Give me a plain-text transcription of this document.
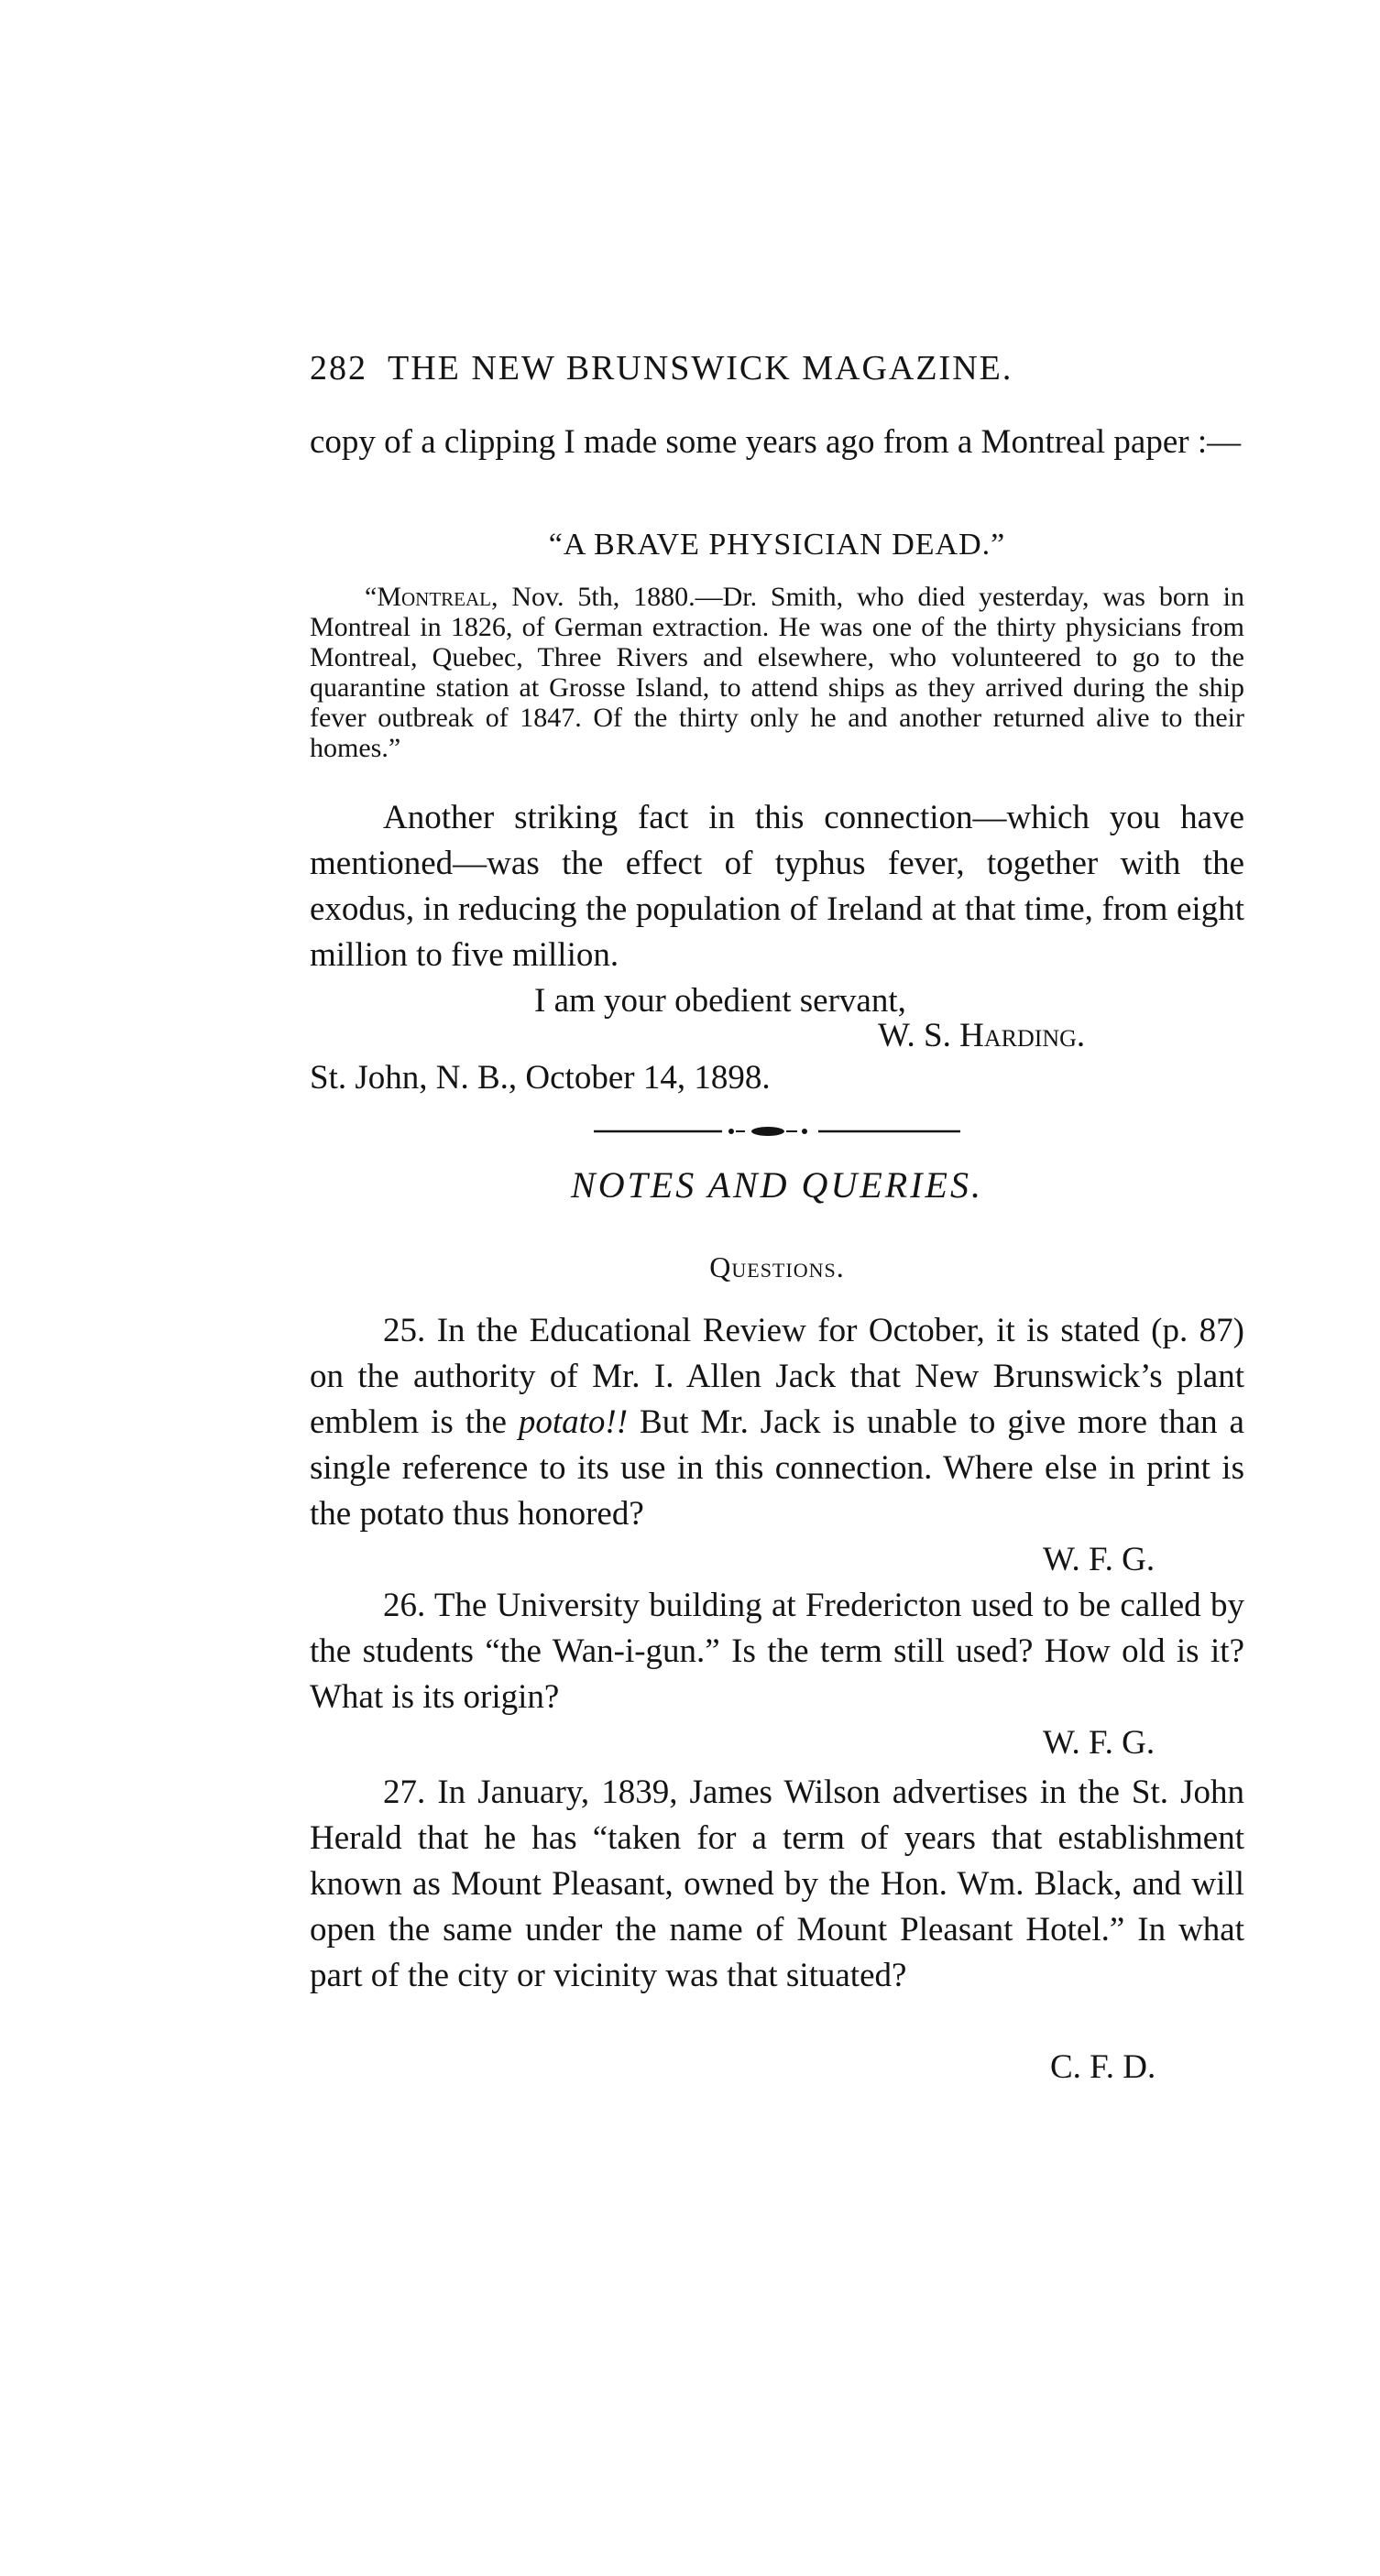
282 THE NEW BRUNSWICK MAGAZINE.

copy of a clipping I made some years ago from a Montreal paper :—

“A BRAVE PHYSICIAN DEAD.”

“Montreal, Nov. 5th, 1880.—Dr. Smith, who died yesterday, was born in Montreal in 1826, of German extraction. He was one of the thirty physicians from Montreal, Quebec, Three Rivers and elsewhere, who volunteered to go to the quarantine station at Grosse Island, to attend ships as they arrived during the ship fever outbreak of 1847. Of the thirty only he and another returned alive to their homes.”

Another striking fact in this connection—which you have mentioned—was the effect of typhus fever, together with the exodus, in reducing the population of Ireland at that time, from eight million to five million.

I am your obedient servant,
W. S. Harding.
St. John, N. B., October 14, 1898.

NOTES AND QUERIES.

Questions.

25. In the Educational Review for October, it is stated (p. 87) on the authority of Mr. I. Allen Jack that New Brunswick’s plant emblem is the potato!! But Mr. Jack is unable to give more than a single reference to its use in this connection. Where else in print is the potato thus honored?

W. F. G.

26. The University building at Fredericton used to be called by the students “the Wan-i-gun.” Is the term still used? How old is it? What is its origin?

W. F. G.

27. In January, 1839, James Wilson advertises in the St. John Herald that he has “taken for a term of years that establishment known as Mount Pleasant, owned by the Hon. Wm. Black, and will open the same under the name of Mount Pleasant Hotel.” In what part of the city or vicinity was that situated?

C. F. D.
